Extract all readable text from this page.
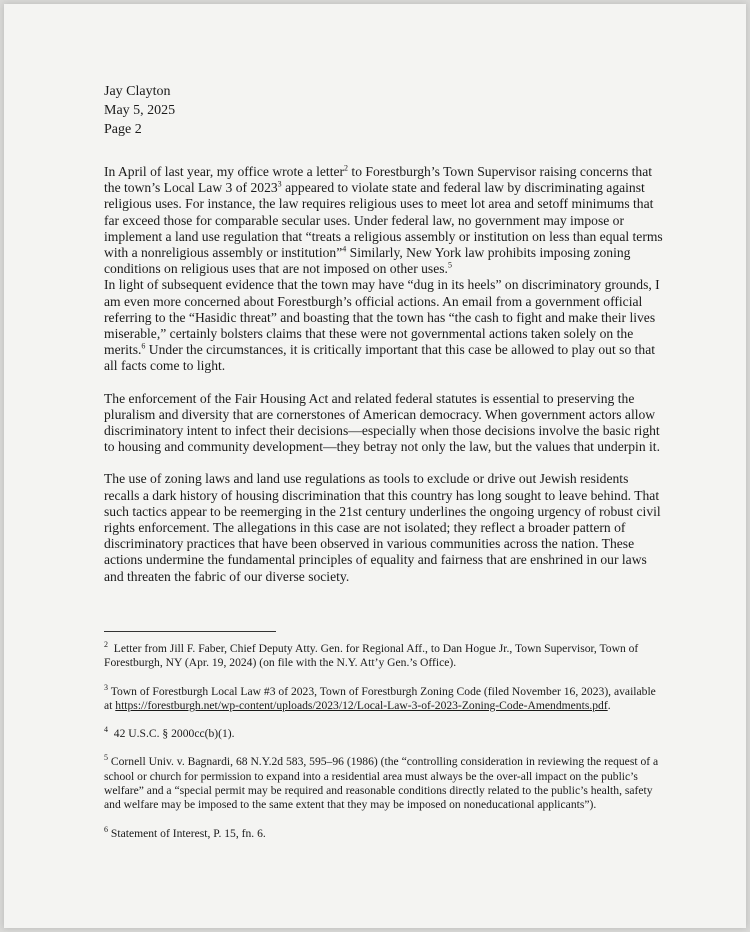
Jay Clayton
May 5, 2025
Page 2

In April of last year, my office wrote a letter$^2$ to Forestburgh’s Town Supervisor raising concerns that the town’s Local Law 3 of 2023$^3$ appeared to violate state and federal law by discriminating against religious uses. For instance, the law requires religious uses to meet lot area and setoff minimums that far exceed those for comparable secular uses. Under federal law, no government may impose or implement a land use regulation that “treats a religious assembly or institution on less than equal terms with a nonreligious assembly or institution”$^4$ Similarly, New York law prohibits imposing zoning conditions on religious uses that are not imposed on other uses.$^5$

In light of subsequent evidence that the town may have “dug in its heels” on discriminatory grounds, I am even more concerned about Forestburgh’s official actions. An email from a government official referring to the “Hasidic threat” and boasting that the town has “the cash to fight and make their lives miserable,” certainly bolsters claims that these were not governmental actions taken solely on the merits.$^6$ Under the circumstances, it is critically important that this case be allowed to play out so that all facts come to light.

The enforcement of the Fair Housing Act and related federal statutes is essential to preserving the pluralism and diversity that are cornerstones of American democracy. When government actors allow discriminatory intent to infect their decisions—especially when those decisions involve the basic right to housing and community development—they betray not only the law, but the values that underpin it.

The use of zoning laws and land use regulations as tools to exclude or drive out Jewish residents recalls a dark history of housing discrimination that this country has long sought to leave behind. That such tactics appear to be reemerging in the 21st century underlines the ongoing urgency of robust civil rights enforcement. The allegations in this case are not isolated; they reflect a broader pattern of discriminatory practices that have been observed in various communities across the nation. These actions undermine the fundamental principles of equality and fairness that are enshrined in our laws and threaten the fabric of our diverse society.

$^2$ Letter from Jill F. Faber, Chief Deputy Atty. Gen. for Regional Aff., to Dan Hogue Jr., Town Supervisor, Town of Forestburgh, NY (Apr. 19, 2024) (on file with the N.Y. Att’y Gen.’s Office).

$^3$ Town of Forestburgh Local Law #3 of 2023, Town of Forestburgh Zoning Code (filed November 16, 2023), available at https://forestburgh.net/wp-content/uploads/2023/12/Local-Law-3-of-2023-Zoning-Code-Amendments.pdf.

$^4$ 42 U.S.C. § 2000cc(b)(1).

$^5$ Cornell Univ. v. Bagnardi, 68 N.Y.2d 583, 595–96 (1986) (the “controlling consideration in reviewing the request of a school or church for permission to expand into a residential area must always be the over-all impact on the public’s welfare” and a “special permit may be required and reasonable conditions directly related to the public’s health, safety and welfare may be imposed to the same extent that they may be imposed on noneducational applicants”).

$^6$ Statement of Interest, P. 15, fn. 6.
